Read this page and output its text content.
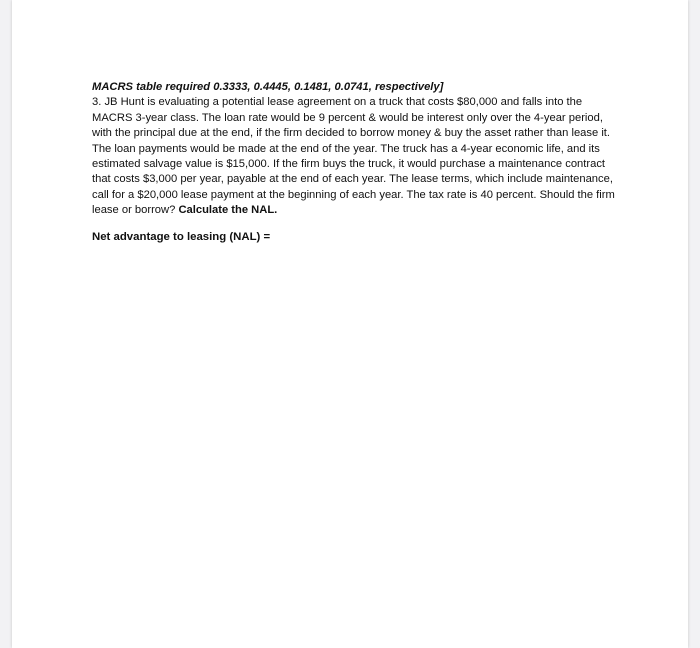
MACRS table required 0.3333, 0.4445, 0.1481, 0.0741, respectively]

3. JB Hunt is evaluating a potential lease agreement on a truck that costs $80,000 and falls into the MACRS 3-year class. The loan rate would be 9 percent & would be interest only over the 4-year period, with the principal due at the end, if the firm decided to borrow money & buy the asset rather than lease it. The loan payments would be made at the end of the year. The truck has a 4-year economic life, and its estimated salvage value is $15,000. If the firm buys the truck, it would purchase a maintenance contract that costs $3,000 per year, payable at the end of each year. The lease terms, which include maintenance, call for a $20,000 lease payment at the beginning of each year. The tax rate is 40 percent. Should the firm lease or borrow? Calculate the NAL.

Net advantage to leasing (NAL) =
